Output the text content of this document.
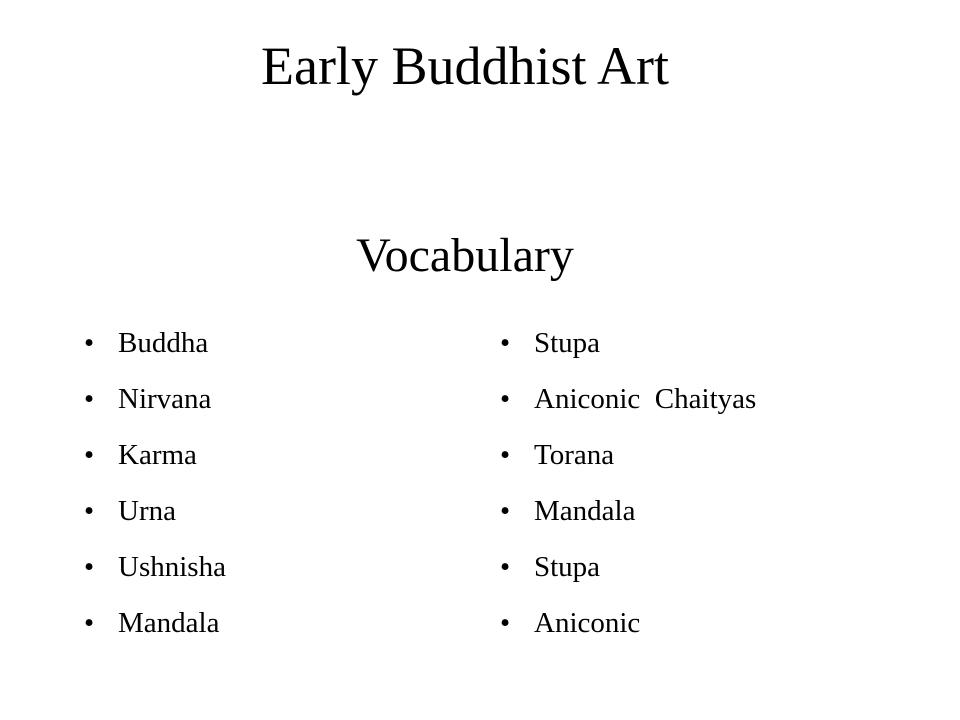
Early Buddhist Art
Vocabulary
• Buddha
• Nirvana
• Karma
• Urna
• Ushnisha
• Mandala
• Stupa
• Aniconic  Chaityas
• Torana
• Mandala
• Stupa
• Aniconic
